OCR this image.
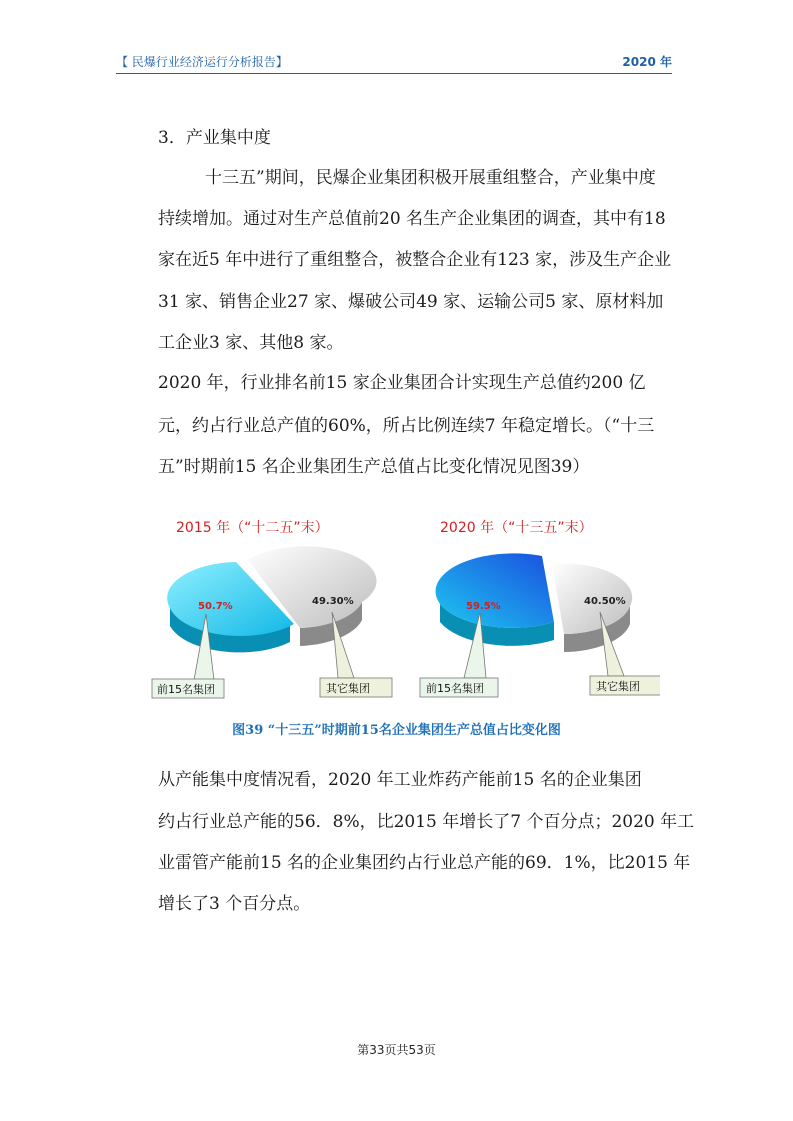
【 民爆行业经济运行分析报告】	2020 年
3．产业集中度
十三五”期间，民爆企业集团积极开展重组整合，产业集中度
持续增加。通过对生产总值前20 名生产企业集团的调查，其中有18
家在近5 年中进行了重组整合，被整合企业有123 家，涉及生产企业
31 家、销售企业27 家、爆破公司49 家、运输公司5 家、原材料加
工企业3 家、其他8 家。
2020 年，行业排名前15 家企业集团合计实现生产总值约200 亿
元，约占行业总产值的60%，所占比例连续7 年稳定增长。（“十三
五”时期前15 名企业集团生产总值占比变化情况见图39）
2015 年（“十二五”末）
50.7%	49.30%
前15名集团	其它集团
2020 年（“十三五”末）
59.5%	40.50%
前15名集团	其它集团
图39 “十三五”时期前15名企业集团生产总值占比变化图
从产能集中度情况看，2020 年工业炸药产能前15 名的企业集团
约占行业总产能的56．8%，比2015 年增长了7 个百分点；2020 年工
业雷管产能前15 名的企业集团约占行业总产能的69．1%，比2015 年
增长了3 个百分点。
第33页共53页
